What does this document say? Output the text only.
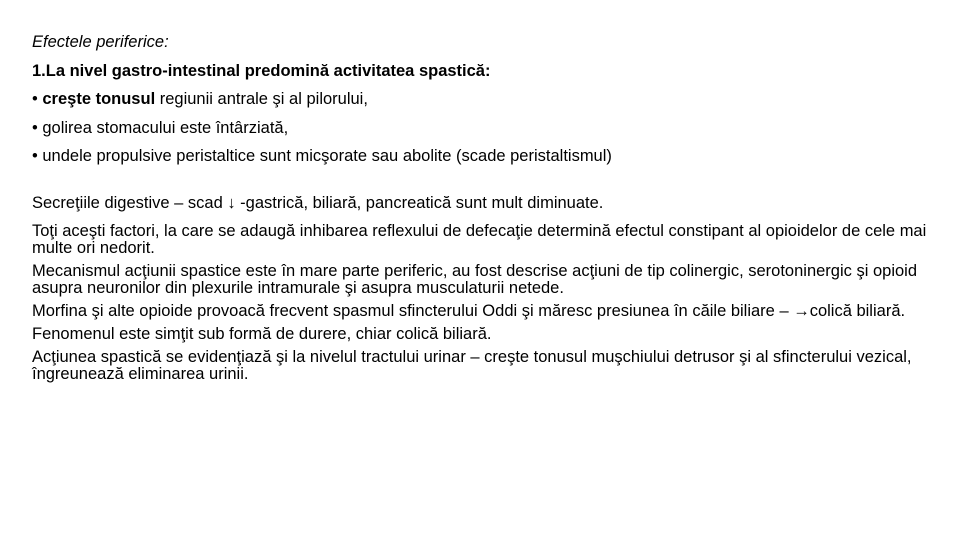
Efectele periferice:
1.La nivel gastro-intestinal predomină activitatea spastică:
• creşte tonusul regiunii antrale şi al pilorului,
• golirea stomacului este întârziată,
• undele propulsive peristaltice sunt micşorate sau abolite (scade peristaltismul)

Secreţiile digestive – scad ↓ -gastrică, biliară, pancreatică sunt mult diminuate.

Toţi aceşti factori, la care se adaugă inhibarea reflexului de defecaţie determină efectul constipant al opioidelor de cele mai multe ori nedorit.

Mecanismul acţiunii spastice este în mare parte periferic, au fost descrise acţiuni de tip colinergic, serotoninergic şi opioid asupra neuronilor din plexurile intramurale şi asupra musculaturii netede.

Morfina şi alte opioide provoacă frecvent spasmul sfincterului Oddi şi măresc presiunea în căile biliare – →colică biliară.

Fenomenul este simţit sub formă de durere, chiar colică biliară.

Acţiunea spastică se evidenţiază şi la nivelul tractului urinar – creşte tonusul muşchiului detrusor şi al sfincterului vezical, îngreunează eliminarea urinii.
